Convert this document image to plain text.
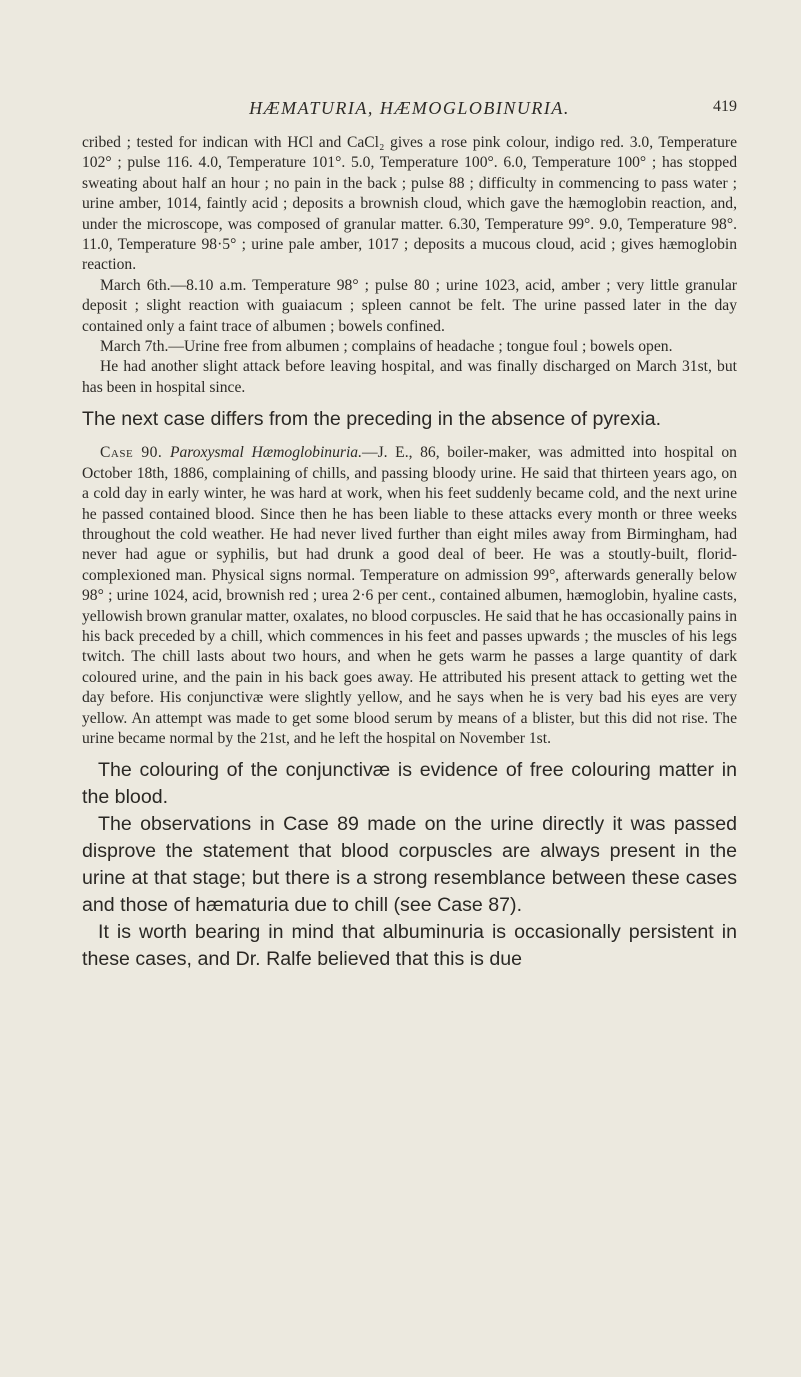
HÆMATURIA, HÆMOGLOBINURIA.	419

cribed ; tested for indican with HCl and CaCl₂ gives a rose pink colour, indigo red. 3.0, Temperature 102° ; pulse 116. 4.0, Temperature 101°. 5.0, Temperature 100°. 6.0, Temperature 100° ; has stopped sweating about half an hour ; no pain in the back ; pulse 88 ; difficulty in commencing to pass water ; urine amber, 1014, faintly acid ; deposits a brownish cloud, which gave the hæmoglobin reaction, and, under the microscope, was composed of granular matter. 6.30, Temperature 99°. 9.0, Temperature 98°. 11.0, Temperature 98·5° ; urine pale amber, 1017 ; deposits a mucous cloud, acid ; gives hæmoglobin reaction.

March 6th.—8.10 a.m. Temperature 98° ; pulse 80 ; urine 1023, acid, amber ; very little granular deposit ; slight reaction with guaiacum ; spleen cannot be felt. The urine passed later in the day contained only a faint trace of albumen ; bowels confined.

March 7th.—Urine free from albumen ; complains of headache ; tongue foul ; bowels open.

He had another slight attack before leaving hospital, and was finally discharged on March 31st, but has been in hospital since.

The next case differs from the preceding in the absence of pyrexia.

Case 90. Paroxysmal Hæmoglobinuria.—J. E., 86, boiler-maker, was admitted into hospital on October 18th, 1886, complaining of chills, and passing bloody urine. He said that thirteen years ago, on a cold day in early winter, he was hard at work, when his feet suddenly became cold, and the next urine he passed contained blood. Since then he has been liable to these attacks every month or three weeks throughout the cold weather. He had never lived further than eight miles away from Birmingham, had never had ague or syphilis, but had drunk a good deal of beer. He was a stoutly-built, florid-complexioned man. Physical signs normal. Temperature on admission 99°, afterwards generally below 98° ; urine 1024, acid, brownish red ; urea 2·6 per cent., contained albumen, hæmoglobin, hyaline casts, yellowish brown granular matter, oxalates, no blood corpuscles. He said that he has occasionally pains in his back preceded by a chill, which commences in his feet and passes upwards ; the muscles of his legs twitch. The chill lasts about two hours, and when he gets warm he passes a large quantity of dark coloured urine, and the pain in his back goes away. He attributed his present attack to getting wet the day before. His conjunctivæ were slightly yellow, and he says when he is very bad his eyes are very yellow. An attempt was made to get some blood serum by means of a blister, but this did not rise. The urine became normal by the 21st, and he left the hospital on November 1st.

The colouring of the conjunctivæ is evidence of free colouring matter in the blood.

The observations in Case 89 made on the urine directly it was passed disprove the statement that blood corpuscles are always present in the urine at that stage; but there is a strong resemblance between these cases and those of hæmaturia due to chill (see Case 87).

It is worth bearing in mind that albuminuria is occasionally persistent in these cases, and Dr. Ralfe believed that this is due
